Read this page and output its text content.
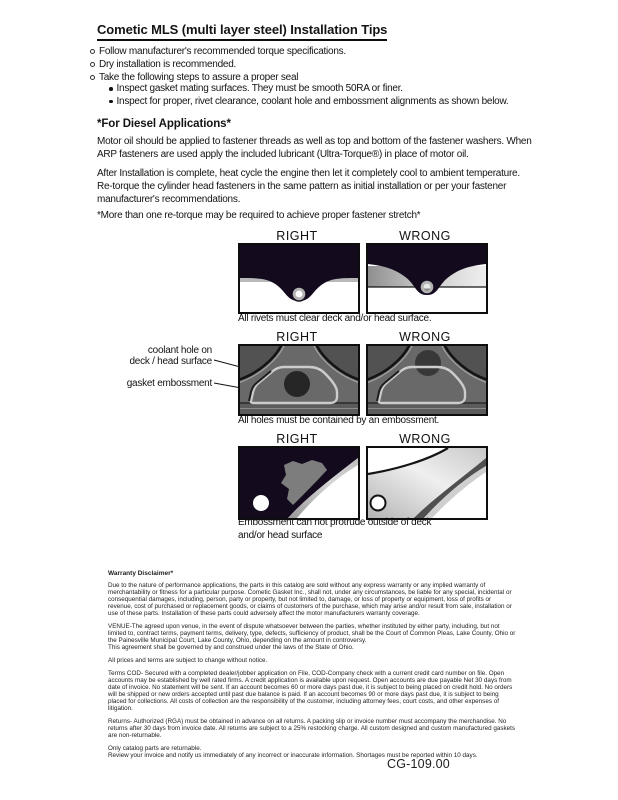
Cometic MLS (multi layer steel) Installation Tips
Follow manufacturer's recommended torque specifications.
Dry installation is recommended.
Take the following steps to assure a proper seal
Inspect gasket mating surfaces. They must be smooth 50RA or finer.
Inspect for proper, rivet clearance, coolant hole and embossment alignments as shown below.
*For Diesel Applications*
Motor oil should be applied to fastener threads as well as top and bottom of the fastener washers. When ARP fasteners are used apply the included lubricant (Ultra-Torque®) in place of motor oil.
After Installation is complete, heat cycle the engine then let it completely cool to ambient temperature. Re-torque the cylinder head fasteners in the same pattern as initial installation or per your fastener manufacturer's recommendations.
*More than one re-torque may be required to achieve proper fastener stretch*
RIGHT	WRONG
All rivets must clear deck and/or head surface.
RIGHT	WRONG
coolant hole on
deck / head surface
gasket embossment
All holes must be contained by an embossment.
RIGHT	WRONG
Embossment can not protrude outside of deck and/or head surface
Warranty Disclaimer*
Due to the nature of performance applications, the parts in this catalog are sold without any express warranty or any implied warranty of merchantability or fitness for a particular purpose. Cometic Gasket Inc., shall not, under any circumstances, be liable for any special, incidental or consequential damages, including, person, party or property, but not limited to, damage, or loss of property or equipment, loss of profits or revenue, cost of purchased or replacement goods, or claims of customers of the purchase, which may arise and/or result from sale, installation or use of these parts. Installation of these parts could adversely affect the motor manufacturers warranty coverage.
VENUE-The agreed upon venue, in the event of dispute whatsoever between the parties, whether instituted by either party, including, but not limited to, contract terms, payment terms, delivery, type, defects, sufficiency of product, shall be the Court of Common Pleas, Lake County, Ohio or the Painesville Municipal Court, Lake County, Ohio, depending on the amount in controversy.
This agreement shall be governed by and construed under the laws of the State of Ohio.
All prices and terms are subject to change without notice.
Terms COD- Secured with a completed dealer/jobber application on File, COD-Company check with a current credit card number on file. Open accounts may be established by well rated firms. A credit application is available upon request. Open accounts are due payable Net 30 days from date of invoice. No statement will be sent. If an account becomes 60 or more days past due, it is subject to being placed on credit hold. No orders will be shipped or new orders accepted until past due balance is paid. If an account becomes 90 or more days past due, it is subject to being placed for collections. All costs of collection are the responsibility of the customer, including attorney fees, court costs, and other expenses of litigation.
Returns- Authorized (RGA) must be obtained in advance on all returns. A packing slip or invoice number must accompany the merchandise. No returns after 30 days from invoice date. All returns are subject to a 25% restocking charge. All custom designed and custom manufactured gaskets are non-returnable.
Only catalog parts are returnable.
Review your invoice and notify us immediately of any incorrect or inaccurate information. Shortages must be reported within 10 days.
CG-109.00
